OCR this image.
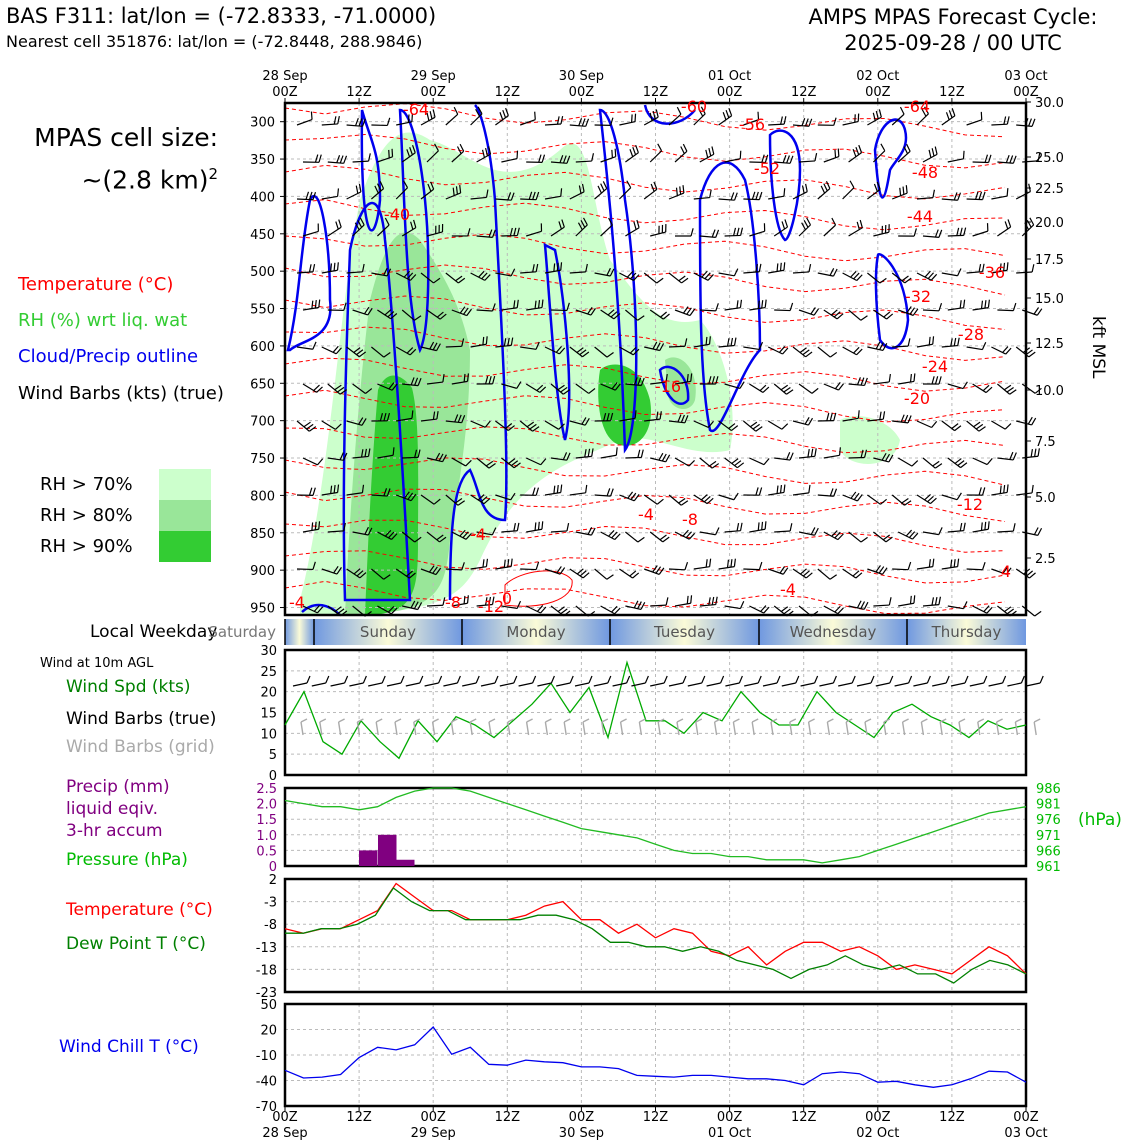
BAS F311: lat/lon = (-72.8333, -71.0000)
Nearest cell 351876: lat/lon = (-72.8448, 288.9846)
AMPS MPAS Forecast Cycle:
2025-09-28 / 00 UTC
MPAS cell size:
~(2.8 km)$^2$
Temperature (°C)
RH (%) wrt liq. wat
Cloud/Precip outline
Wind Barbs (kts) (true)
RH > 70%
RH > 80%
RH > 90%
Local Weekday
Wind at 10m AGL
Wind Spd (kts)
Wind Barbs (true)
Wind Barbs (grid)
Precip (mm)
liquid eqiv.
3-hr accum
Pressure (hPa)
Temperature (°C)
Dew Point T (°C)
Wind Chill T (°C)
(hPa)
kft MSL
300
350
400
450
500
550
600
650
700
750
800
850
900
950
30.0
25.0
22.5
20.0
17.5
15.0
12.5
10.0
7.5
5.0
2.5
-64
-60
-56
-52	-48
-44
-40
-36
-32
-28
-24
-20
-16
-12
-8
-4
0
4
-4	-8 -12
-4
-4
-64
28 Sep
00Z	12Z
29 Sep
00Z	12Z
30 Sep
00Z	12Z
01 Oct
00Z	12Z
02 Oct
00Z	12Z
03 Oct
00Z
Saturday	Sunday	Monday	Tuesday	Wednesday	Thursday
0
5
10
15
20
25
30
0
0.5
1.0
1.5
2.0
2.5
961
966
971
976
981
986
-23
-18
-13
-8
-3
2
-70
-40
-10
20
50
00Z	12Z	00Z	12Z	00Z	12Z	00Z	12Z	00Z	12Z	00Z
28 Sep	29 Sep	30 Sep	01 Oct	02 Oct	03 Oct
